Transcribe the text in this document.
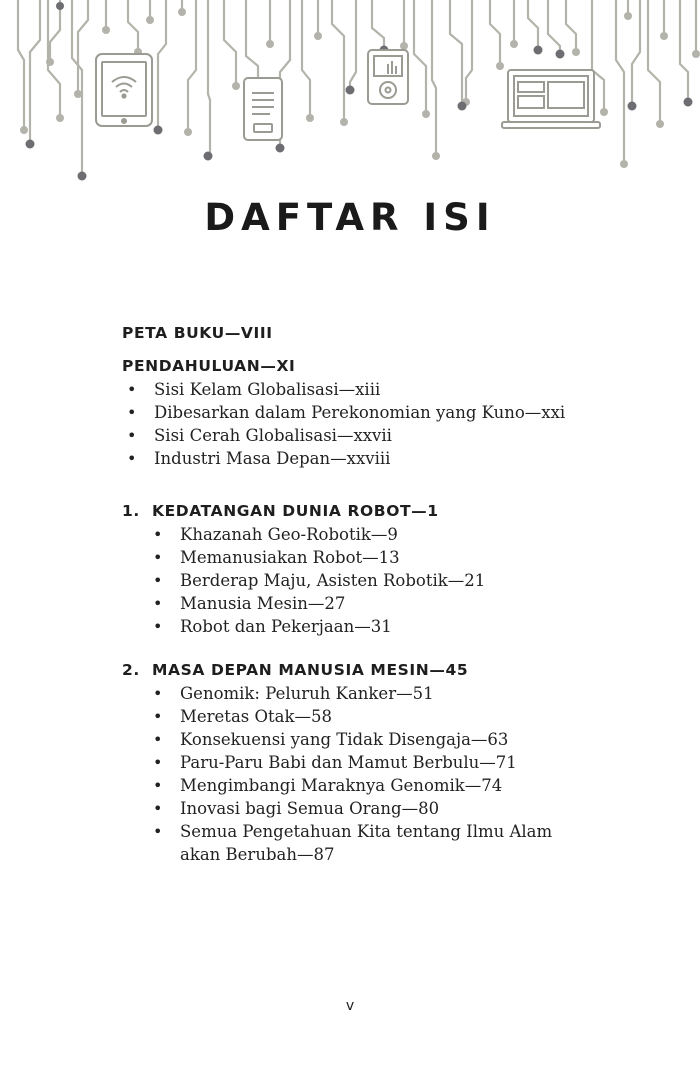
DAFTAR ISI
PETA BUKU—VIII
PENDAHULUAN—XI
• Sisi Kelam Globalisasi—xiii
• Dibesarkan dalam Perekonomian yang Kuno—xxi
• Sisi Cerah Globalisasi—xxvii
• Industri Masa Depan—xxviii
1. KEDATANGAN DUNIA ROBOT—1
• Khazanah Geo-Robotik—9
• Memanusiakan Robot—13
• Berderap Maju, Asisten Robotik—21
• Manusia Mesin—27
• Robot dan Pekerjaan—31
2. MASA DEPAN MANUSIA MESIN—45
• Genomik: Peluruh Kanker—51
• Meretas Otak—58
• Konsekuensi yang Tidak Disengaja—63
• Paru-Paru Babi dan Mamut Berbulu—71
• Mengimbangi Maraknya Genomik—74
• Inovasi bagi Semua Orang—80
• Semua Pengetahuan Kita tentang Ilmu Alam
akan Berubah—87
v
